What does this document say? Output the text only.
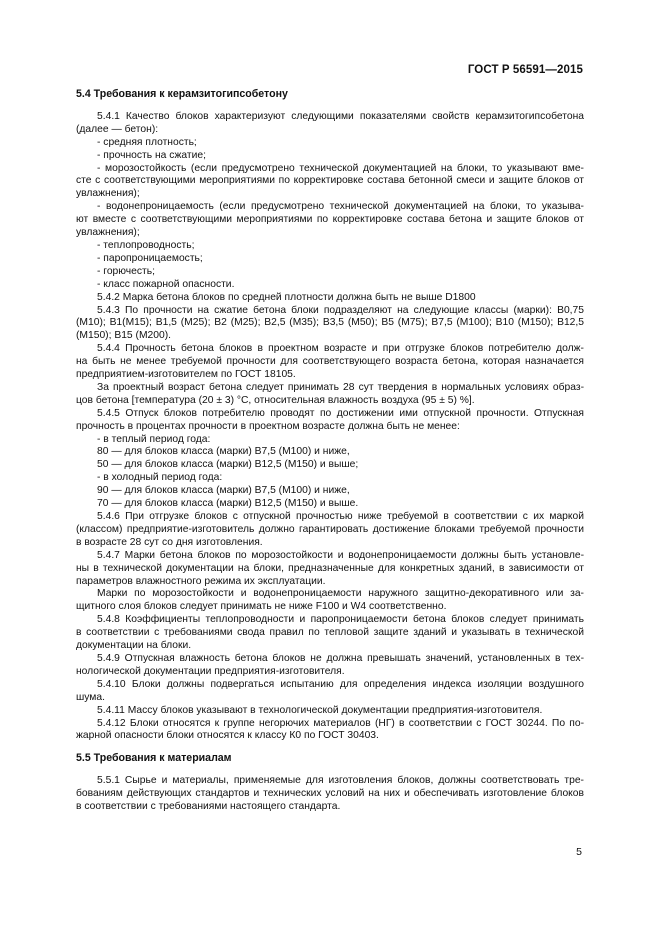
ГОСТ Р 56591—2015
5.4 Требования к керамзитогипсобетону
5.4.1 Качество блоков характеризуют следующими показателями свойств керамзитогипсобетона
(далее — бетон):
- средняя плотность;
- прочность на сжатие;
- морозостойкость (если предусмотрено технической документацией на блоки, то указывают вме-
сте с соответствующими мероприятиями по корректировке состава бетонной смеси и защите блоков от
увлажнения);
- водонепроницаемость (если предусмотрено технической документацией на блоки, то указыва-
ют вместе с соответствующими мероприятиями по корректировке состава бетона и защите блоков от
увлажнения);
- теплопроводность;
- паропроницаемость;
- горючесть;
- класс пожарной опасности.
5.4.2 Марка бетона блоков по средней плотности должна быть не выше D1800
5.4.3 По прочности на сжатие бетона блоки подразделяют на следующие классы (марки): B0,75
(M10); B1(M15); B1,5 (M25); B2 (M25); B2,5 (M35); B3,5 (M50); B5 (M75); B7,5 (M100); B10 (M150); B12,5
(M150); B15 (M200).
5.4.4 Прочность бетона блоков в проектном возрасте и при отгрузке блоков потребителю долж-
на быть не менее требуемой прочности для соответствующего возраста бетона, которая назначается
предприятием-изготовителем по ГОСТ 18105.
За проектный возраст бетона следует принимать 28 сут твердения в нормальных условиях образ-
цов бетона [температура (20 ± 3) °С, относительная влажность воздуха (95 ± 5) %].
5.4.5 Отпуск блоков потребителю проводят по достижении ими отпускной прочности. Отпускная
прочность в процентах прочности в проектном возрасте должна быть не менее:
- в теплый период года:
80 — для блоков класса (марки) B7,5 (M100) и ниже,
50 — для блоков класса (марки) B12,5 (M150) и выше;
- в холодный период года:
90 — для блоков класса (марки) B7,5 (M100) и ниже,
70 — для блоков класса (марки) B12,5 (M150) и выше.
5.4.6 При отгрузке блоков с отпускной прочностью ниже требуемой в соответствии с их маркой
(классом) предприятие-изготовитель должно гарантировать достижение блоками требуемой прочности
в возрасте 28 сут со дня изготовления.
5.4.7 Марки бетона блоков по морозостойкости и водонепроницаемости должны быть установле-
ны в технической документации на блоки, предназначенные для конкретных зданий, в зависимости от
параметров влажностного режима их эксплуатации.
Марки по морозостойкости и водонепроницаемости наружного защитно-декоративного или за-
щитного слоя блоков следует принимать не ниже F100 и W4 соответственно.
5.4.8 Коэффициенты теплопроводности и паропроницаемости бетона блоков следует принимать
в соответствии с требованиями свода правил по тепловой защите зданий и указывать в технической
документации на блоки.
5.4.9 Отпускная влажность бетона блоков не должна превышать значений, установленных в тех-
нологической документации предприятия-изготовителя.
5.4.10 Блоки должны подвергаться испытанию для определения индекса изоляции воздушного
шума.
5.4.11 Массу блоков указывают в технологической документации предприятия-изготовителя.
5.4.12 Блоки относятся к группе негорючих материалов (НГ) в соответствии с ГОСТ 30244. По по-
жарной опасности блоки относятся к классу К0 по ГОСТ 30403.
5.5 Требования к материалам
5.5.1 Сырье и материалы, применяемые для изготовления блоков, должны соответствовать тре-
бованиям действующих стандартов и технических условий на них и обеспечивать изготовление блоков
в соответствии с требованиями настоящего стандарта.
5
